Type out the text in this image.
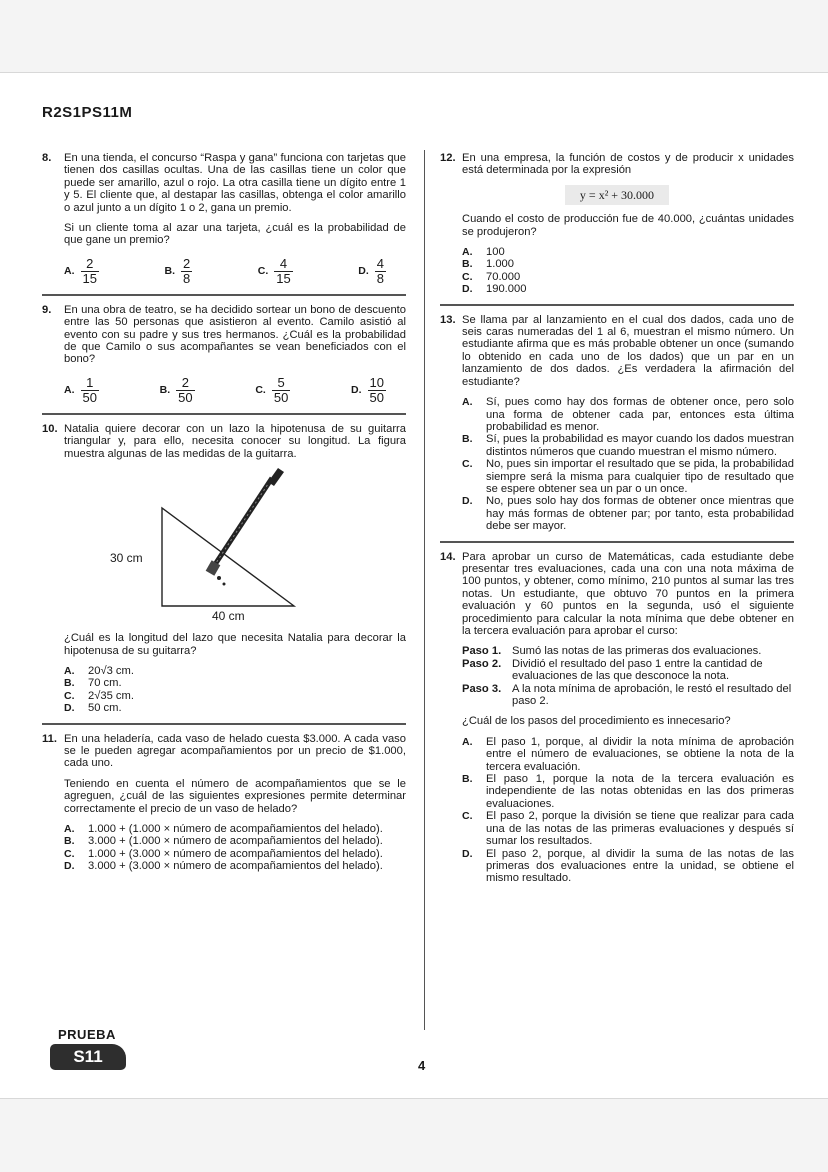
R2S1PS11M
8.	En una tienda, el concurso “Raspa y gana” funciona con tarjetas que tienen dos casillas ocultas. Una de las casillas tiene un color que puede ser amarillo, azul o rojo. La otra casilla tiene un dígito entre 1 y 5. El cliente que, al destapar las casillas, obtenga el color amarillo o azul junto a un dígito 1 o 2, gana un premio.
Si un cliente toma al azar una tarjeta, ¿cuál es la probabilidad de que gane un premio?
A. $\frac{2}{15}$	B. $\frac{2}{8}$	C. $\frac{4}{15}$	D. $\frac{4}{8}$
9.	En una obra de teatro, se ha decidido sortear un bono de descuento entre las 50 personas que asistieron al evento. Camilo asistió al evento con su padre y sus tres hermanos. ¿Cuál es la probabilidad de que Camilo o sus acompañantes se vean beneficiados con el bono?
A. $\frac{1}{50}$	B. $\frac{2}{50}$	C. $\frac{5}{50}$	D. $\frac{10}{50}$
10. Natalia quiere decorar con un lazo la hipotenusa de su guitarra triangular y, para ello, necesita conocer su longitud. La figura muestra algunas de las medidas de la guitarra.
30 cm
40 cm
¿Cuál es la longitud del lazo que necesita Natalia para decorar la hipotenusa de su guitarra?
A.	20√3 cm.
B.	70 cm.
C.	2√35 cm.
D.	50 cm.
11. En una heladería, cada vaso de helado cuesta $3.000. A cada vaso se le pueden agregar acompañamientos por un precio de $1.000, cada uno.
Teniendo en cuenta el número de acompañamientos que se le agreguen, ¿cuál de las siguientes expresiones permite determinar correctamente el precio de un vaso de helado?
A.	1.000 + (1.000 × número de acompañamientos del helado).
B.	3.000 + (1.000 × número de acompañamientos del helado).
C.	1.000 + (3.000 × número de acompañamientos del helado).
D.	3.000 + (3.000 × número de acompañamientos del helado).
12. En una empresa, la función de costos y de producir x unidades está determinada por la expresión
y = x² + 30.000
Cuando el costo de producción fue de 40.000, ¿cuántas unidades se produjeron?
A.	100
B.	1.000
C.	70.000
D.	190.000
13. Se llama par al lanzamiento en el cual dos dados, cada uno de seis caras numeradas del 1 al 6, muestran el mismo número. Un estudiante afirma que es más probable obtener un once (sumando lo obtenido en cada uno de los dados) que un par en un lanzamiento de dos dados. ¿Es verdadera la afirmación del estudiante?
A.	Sí, pues como hay dos formas de obtener once, pero solo una forma de obtener cada par, entonces esta última probabilidad es menor.
B.	Sí, pues la probabilidad es mayor cuando los dados muestran distintos números que cuando muestran el mismo número.
C.	No, pues sin importar el resultado que se pida, la probabilidad siempre será la misma para cualquier tipo de resultado que se espere obtener sea un par o un once.
D.	No, pues solo hay dos formas de obtener once mientras que hay más formas de obtener par; por tanto, esta probabilidad debe ser mayor.
14. Para aprobar un curso de Matemáticas, cada estudiante debe presentar tres evaluaciones, cada una con una nota máxima de 100 puntos, y obtener, como mínimo, 210 puntos al sumar las tres notas. Un estudiante, que obtuvo 70 puntos en la primera evaluación y 60 puntos en la segunda, usó el siguiente procedimiento para calcular la nota mínima que debe obtener en la tercera evaluación para aprobar el curso:
Paso 1. Sumó las notas de las primeras dos evaluaciones.
Paso 2. Dividió el resultado del paso 1 entre la cantidad de evaluaciones de las que desconoce la nota.
Paso 3. A la nota mínima de aprobación, le restó el resultado del paso 2.
¿Cuál de los pasos del procedimiento es innecesario?
A.	El paso 1, porque, al dividir la nota mínima de aprobación entre el número de evaluaciones, se obtiene la nota de la tercera evaluación.
B.	El paso 1, porque la nota de la tercera evaluación es independiente de las notas obtenidas en las dos primeras evaluaciones.
C.	El paso 2, porque la división se tiene que realizar para cada una de las notas de las primeras evaluaciones y después sí sumar los resultados.
D.	El paso 2, porque, al dividir la suma de las notas de las primeras dos evaluaciones entre la unidad, se obtiene el mismo resultado.
PRUEBA
S11	4
